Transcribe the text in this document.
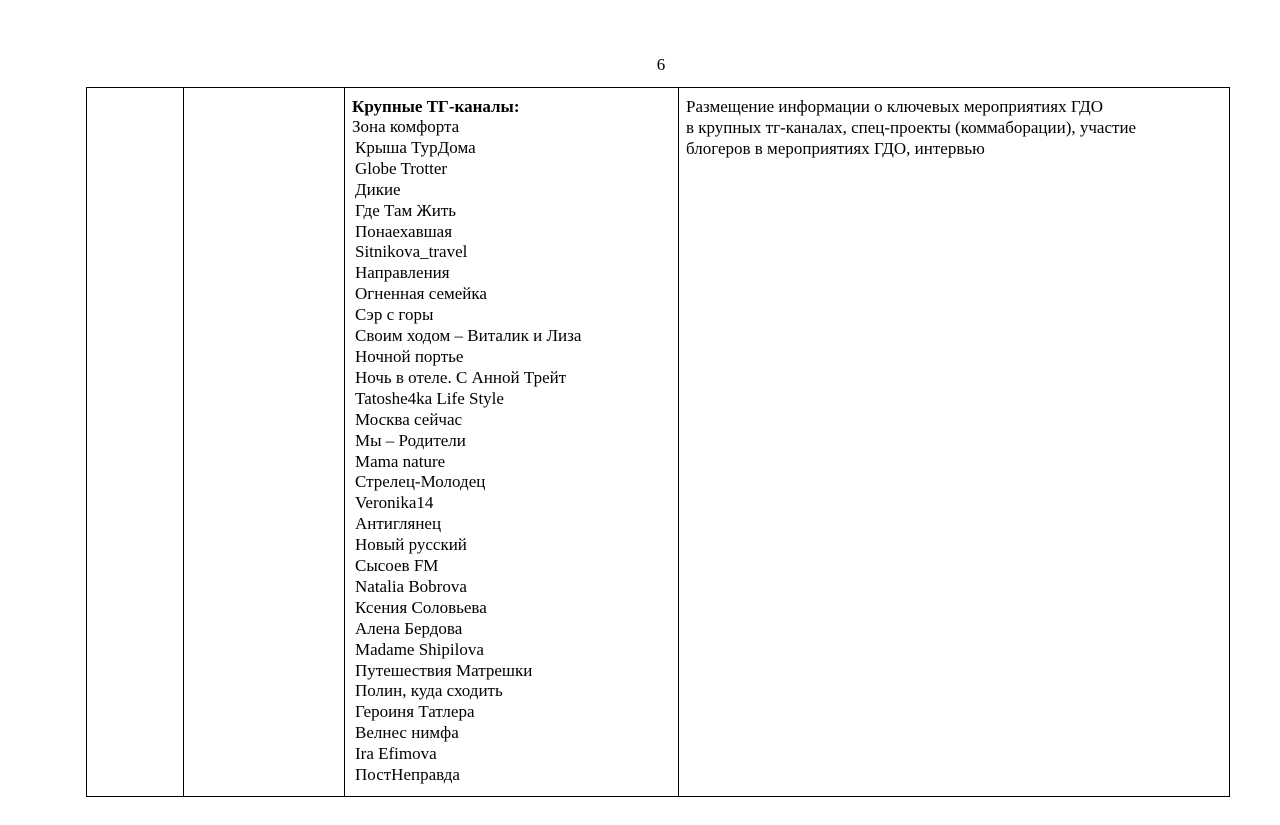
6

Крупные ТГ-каналы:
Зона комфорта
Крыша ТурДома
Globe Trotter
Дикие
Где Там Жить
Понаехавшая
Sitnikova_travel
Направления
Огненная семейка
Сэр с горы
Своим ходом – Виталик и Лиза
Ночной портье
Ночь в отеле. С Анной Трейт
Tatoshe4ka Life Style
Москва сейчас
Мы – Родители
Mama nature
Стрелец-Молодец
Veronika14
Антиглянец
Новый русский
Сысоев FM
Natalia Bobrova
Ксения Соловьева
Алена Бердова
Madame Shipilova
Путешествия Матрешки
Полин, куда сходить
Героиня Татлера
Велнес нимфа
Ira Efimova
ПостНеправда

Размещение информации о ключевых мероприятиях ГДО
в крупных тг-каналах, спец-проекты (коммаборации), участие
блогеров в мероприятиях ГДО, интервью
